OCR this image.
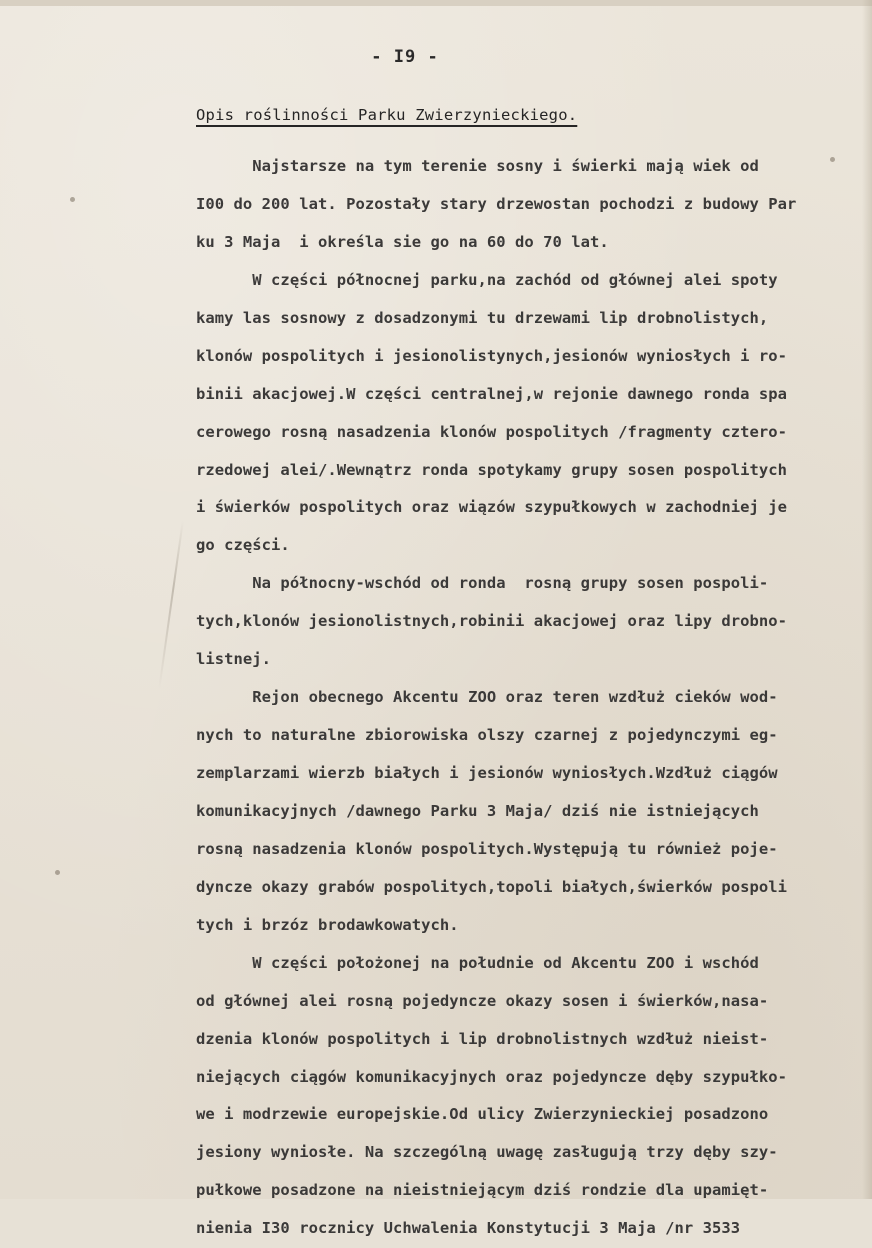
- I9 -
Opis roślinności Parku Zwierzynieckiego.
Najstarsze na tym terenie sosny i świerki mają wiek od
I00 do 200 lat. Pozostały stary drzewostan pochodzi z budowy Par
ku 3 Maja  i określa sie go na 60 do 70 lat.
W części północnej parku,na zachód od głównej alei spoty
kamy las sosnowy z dosadzonymi tu drzewami lip drobnolistych,
klonów pospolitych i jesionolistynych,jesionów wyniosłych i ro-
binii akacjowej.W części centralnej,w rejonie dawnego ronda spa
cerowego rosną nasadzenia klonów pospolitych /fragmenty cztero-
rzedowej alei/.Wewnątrz ronda spotykamy grupy sosen pospolitych
i świerków pospolitych oraz wiązów szypułkowych w zachodniej je
go części.
Na północny-wschód od ronda  rosną grupy sosen pospoli-
tych,klonów jesionolistnych,robinii akacjowej oraz lipy drobno-
listnej.
Rejon obecnego Akcentu ZOO oraz teren wzdłuż cieków wod-
nych to naturalne zbiorowiska olszy czarnej z pojedynczymi eg-
zemplarzami wierzb białych i jesionów wyniosłych.Wzdłuż ciągów
komunikacyjnych /dawnego Parku 3 Maja/ dziś nie istniejących
rosną nasadzenia klonów pospolitych.Występują tu również poje-
dyncze okazy grabów pospolitych,topoli białych,świerków pospoli
tych i brzóz brodawkowatych.
W części położonej na południe od Akcentu ZOO i wschód
od głównej alei rosną pojedyncze okazy sosen i świerków,nasa-
dzenia klonów pospolitych i lip drobnolistnych wzdłuż nieist-
niejących ciągów komunikacyjnych oraz pojedyncze dęby szypułko-
we i modrzewie europejskie.Od ulicy Zwierzynieckiej posadzono
jesiony wyniosłe. Na szczególną uwagę zasługują trzy dęby szy-
pułkowe posadzone na nieistniejącym dziś rondzie dla upamięt-
nienia I30 rocznicy Uchwalenia Konstytucji 3 Maja /nr 3533
